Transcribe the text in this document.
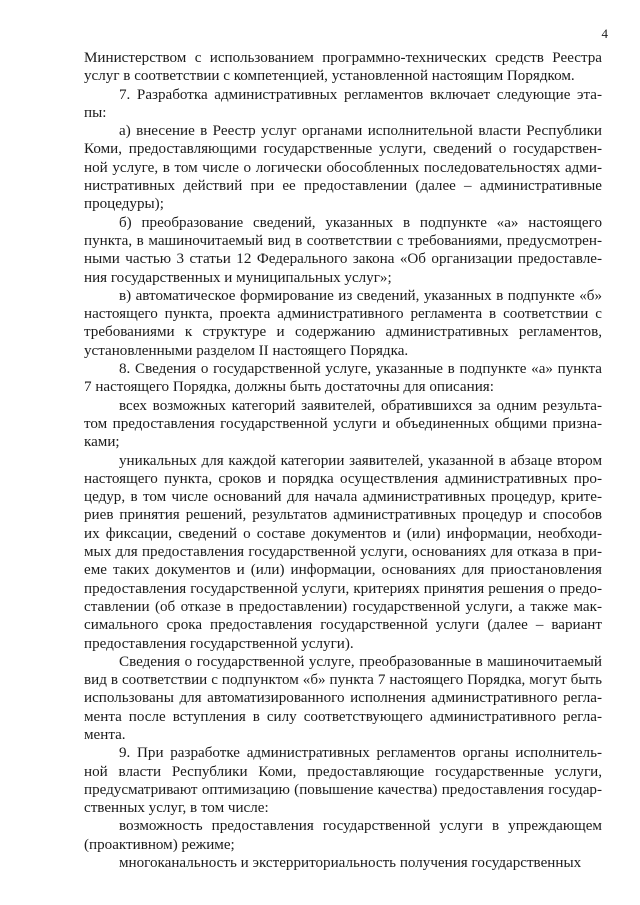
4

Министерством с использованием программно-технических средств Реестра услуг в соответствии с компетенцией, установленной настоящим Порядком.

7. Разработка административных регламентов включает следующие этапы:

а) внесение в Реестр услуг органами исполнительной власти Республики Коми, предоставляющими государственные услуги, сведений о государственной услуге, в том числе о логически обособленных последовательностях административных действий при ее предоставлении (далее – административные процедуры);

б) преобразование сведений, указанных в подпункте «а» настоящего пункта, в машиночитаемый вид в соответствии с требованиями, предусмотренными частью 3 статьи 12 Федерального закона «Об организации предоставления государственных и муниципальных услуг»;

в) автоматическое формирование из сведений, указанных в подпункте «б» настоящего пункта, проекта административного регламента в соответствии с требованиями к структуре и содержанию административных регламентов, установленными разделом II настоящего Порядка.

8. Сведения о государственной услуге, указанные в подпункте «а» пункта 7 настоящего Порядка, должны быть достаточны для описания:

всех возможных категорий заявителей, обратившихся за одним результатом предоставления государственной услуги и объединенных общими признаками;

уникальных для каждой категории заявителей, указанной в абзаце втором настоящего пункта, сроков и порядка осуществления административных процедур, в том числе оснований для начала административных процедур, критериев принятия решений, результатов административных процедур и способов их фиксации, сведений о составе документов и (или) информации, необходимых для предоставления государственной услуги, основаниях для отказа в приеме таких документов и (или) информации, основаниях для приостановления предоставления государственной услуги, критериях принятия решения о предоставлении (об отказе в предоставлении) государственной услуги, а также максимального срока предоставления государственной услуги (далее – вариант предоставления государственной услуги).

Сведения о государственной услуге, преобразованные в машиночитаемый вид в соответствии с подпунктом «б» пункта 7 настоящего Порядка, могут быть использованы для автоматизированного исполнения административного регламента после вступления в силу соответствующего административного регламента.

9. При разработке административных регламентов органы исполнительной власти Республики Коми, предоставляющие государственные услуги, предусматривают оптимизацию (повышение качества) предоставления государственных услуг, в том числе:

возможность предоставления государственной услуги в упреждающем (проактивном) режиме;

многоканальность и экстерриториальность получения государственных
